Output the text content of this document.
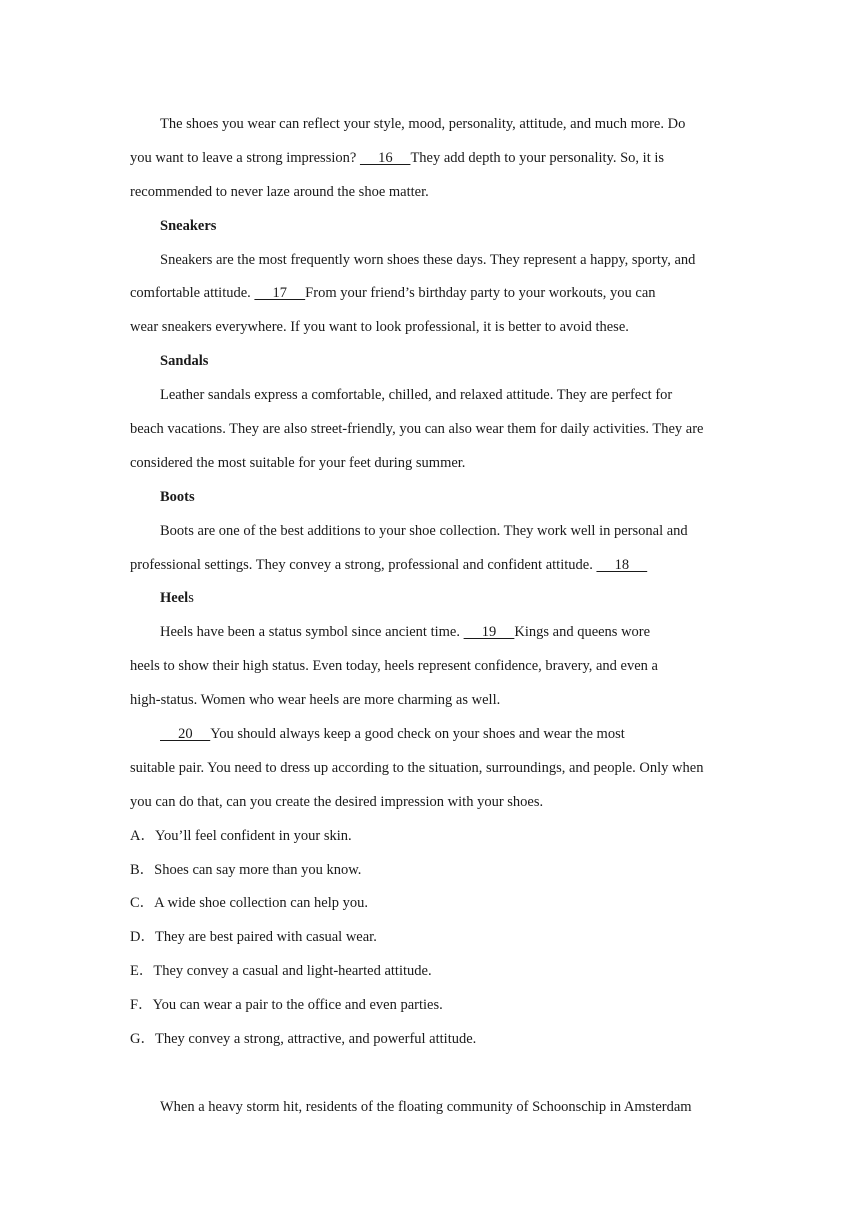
The shoes you wear can reflect your style, mood, personality, attitude, and much more. Do
you want to leave a strong impression?      16     They add depth to your personality. So, it is
recommended to never laze around the shoe matter.
Sneakers
Sneakers are the most frequently worn shoes these days. They represent a happy, sporty, and
comfortable attitude.      17     From your friend’s birthday party to your workouts, you can
wear sneakers everywhere. If you want to look professional, it is better to avoid these.
Sandals
Leather sandals express a comfortable, chilled, and relaxed attitude. They are perfect for
beach vacations. They are also street-friendly, you can also wear them for daily activities. They are
considered the most suitable for your feet during summer.
Boots
Boots are one of the best additions to your shoe collection. They work well in personal and
professional settings. They convey a strong, professional and confident attitude.      18
Heels
Heels have been a status symbol since ancient time.      19     Kings and queens wore
heels to show their high status. Even today, heels represent confidence, bravery, and even a
high-status. Women who wear heels are more charming as well.
20     You should always keep a good check on your shoes and wear the most
suitable pair. You need to dress up according to the situation, surroundings, and people. Only when
you can do that, can you create the desired impression with your shoes.
A．You’ll feel confident in your skin.
B．Shoes can say more than you know.
C．A wide shoe collection can help you.
D．They are best paired with casual wear.
E．They convey a casual and light-hearted attitude.
F．You can wear a pair to the office and even parties.
G．They convey a strong, attractive, and powerful attitude.
When a heavy storm hit, residents of the floating community of Schoonschip in Amsterdam
